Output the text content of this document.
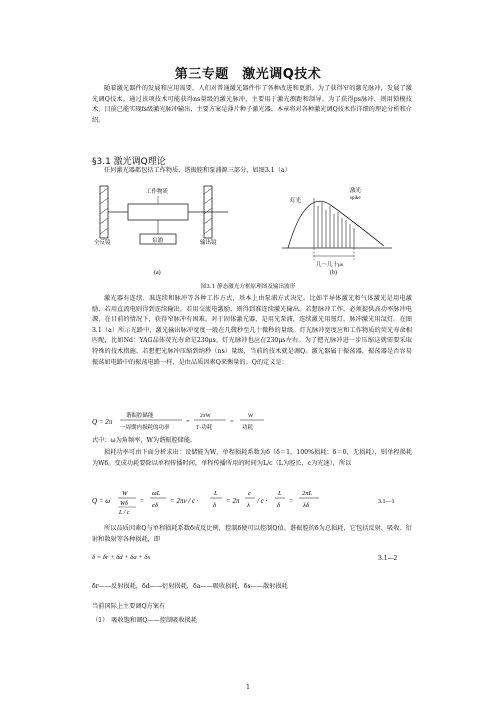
第三专题　激光调Q技术

随着激光器件的发展和应用需要，人们对普通激光器件作了各种改进和更新。为了获得窄的激光脉冲，发展了激光调Q技术。通过该项技术可能获得ns量级的激光脉冲，主要用于激光测距和制导。为了获得ps脉冲，则用锁模技术，目前已能实现fs级激光脉冲输出，主要方案是薄片种子激光器。本章将对各种激光调Q技术作详细的理论分析和介绍。

§3.1 激光调Q理论

任何激光器都包括工作物质、谐振腔和泵浦源三部分，如图3.1（a）

工作物质
全反镜	泵浦	输出镜
(a)
灯光
激光
spike
几～几十μs
(b)
图3.1 静态激光方框原理图及输出波形

激光器有连续、准连续和脉冲等各种工作方式，基本上由泵浦方式决定。比如半导体激光和气体激光是用电激励，若用直流电则得到连续输出，若用交流电激励，则得到准连续激光输出。若想脉冲工作，必须提供高功率脉冲电源，在目前的情况下，获得窄脉冲有困难。对于固体激光器，是用光泵浦，连续激光用氪灯，脉冲激光用氙灯。在图3.1（a）所示光路中，激光输出脉冲宽度一般在几微秒至几十微秒的量级。灯光脉冲宽度应和工作物质的荧光寿命相匹配，比如Nd：YAG晶体荧光寿命是230μs，灯光脉冲也应在230μs左右。为了把光脉冲进一步压缩这就需要采取特殊的技术措施。若想把光脉冲压缩到纳秒（ns）量级，当前的技术就是调Q。激光器属于振荡器，振荡器是否容易振荡如电路中的振荡电路一样，是由品质因素Q来衡量的。Q的定义是：

Q = 2π
谐振腔储能
一周期内损耗的功率
=
2πW
T·功耗
=
W
功耗

式中：ω为角频率，W为谐振腔储能。

损耗功率可由下面分析求出：设储能为W，单程损耗系数为δ（δ＝1，100%损耗；δ＝0，无损耗），则单程损耗为Wδ。变成功耗要除以单程传播时间，单程传播所用的时间为L/c（L为腔长，c为光速），所以

Q = ω
W
Wδ
L / c
=
ωL
cδ
= 2πν / c ·
L
δ
= 2π
c
λ
/ c ·
L
δ
=
2πL
λδ	3.1—1

所以品质因素Q与单程损耗系数δ成反比例，控制δ便可以控制Q值。谐振腔的δ为总损耗，它包括反射、吸收、衍射和散射等各种损耗，即

δ = δr + δd + δa + δs	3.1—2

δr——反射损耗，δd——衍射损耗，δa——吸收损耗，δs——散射损耗

当前国际上主要调Q方案有

（1）　吸收饱和调Q——控制吸收损耗

1
